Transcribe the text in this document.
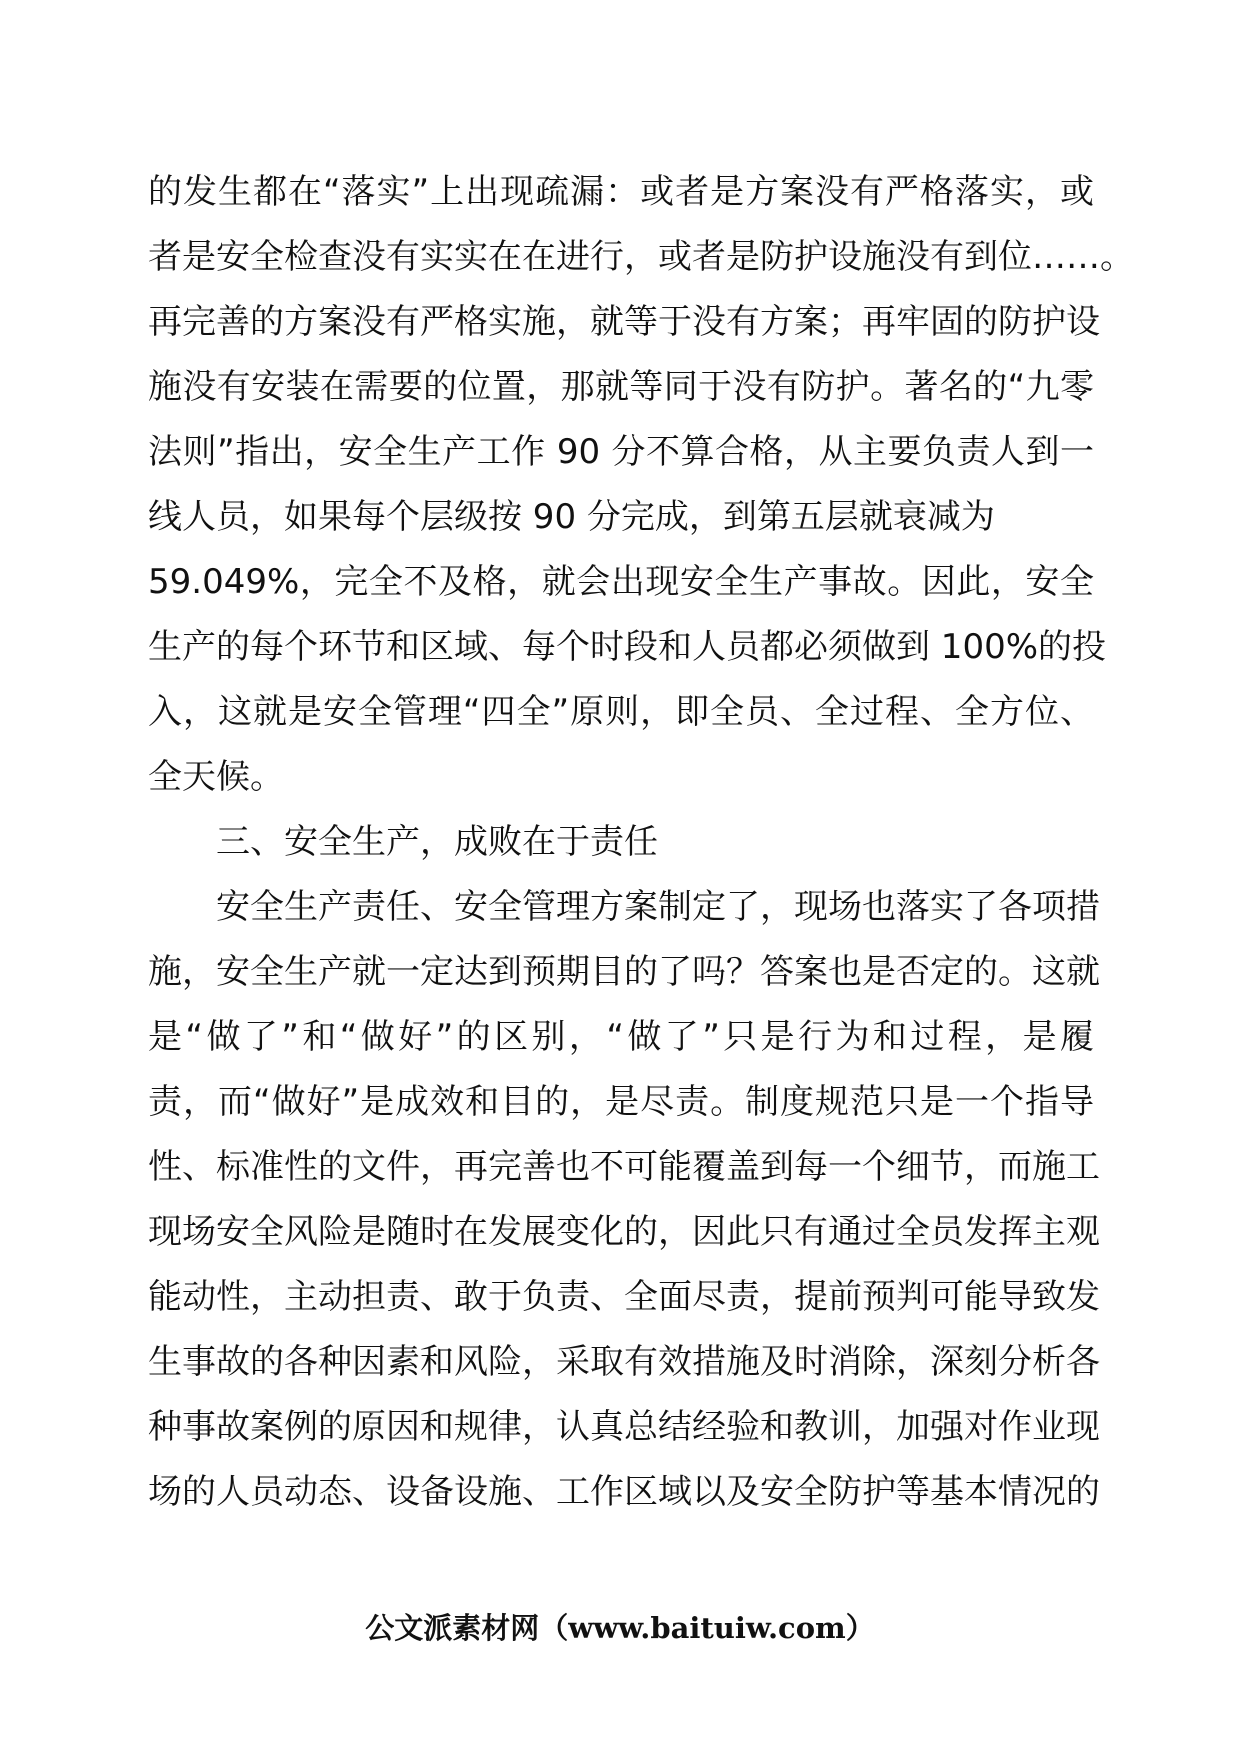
的发生都在“落实”上出现疏漏：或者是方案没有严格落实，或
者是安全检查没有实实在在进行，或者是防护设施没有到位……。
再完善的方案没有严格实施，就等于没有方案；再牢固的防护设
施没有安装在需要的位置，那就等同于没有防护。著名的“九零
法则”指出，安全生产工作 90 分不算合格，从主要负责人到一
线人员，如果每个层级按 90 分完成，到第五层就衰减为
59.049%，完全不及格，就会出现安全生产事故。因此，安全
生产的每个环节和区域、每个时段和人员都必须做到 100%的投
入，这就是安全管理“四全”原则，即全员、全过程、全方位、
全天候。
三、安全生产，成败在于责任
安全生产责任、安全管理方案制定了，现场也落实了各项措
施，安全生产就一定达到预期目的了吗？答案也是否定的。这就
是“做了”和“做好”的区别，“做了”只是行为和过程，是履
责，而“做好”是成效和目的，是尽责。制度规范只是一个指导
性、标准性的文件，再完善也不可能覆盖到每一个细节，而施工
现场安全风险是随时在发展变化的，因此只有通过全员发挥主观
能动性，主动担责、敢于负责、全面尽责，提前预判可能导致发
生事故的各种因素和风险，采取有效措施及时消除，深刻分析各
种事故案例的原因和规律，认真总结经验和教训，加强对作业现
场的人员动态、设备设施、工作区域以及安全防护等基本情况的
公文派素材网（www.baituiw.com）
